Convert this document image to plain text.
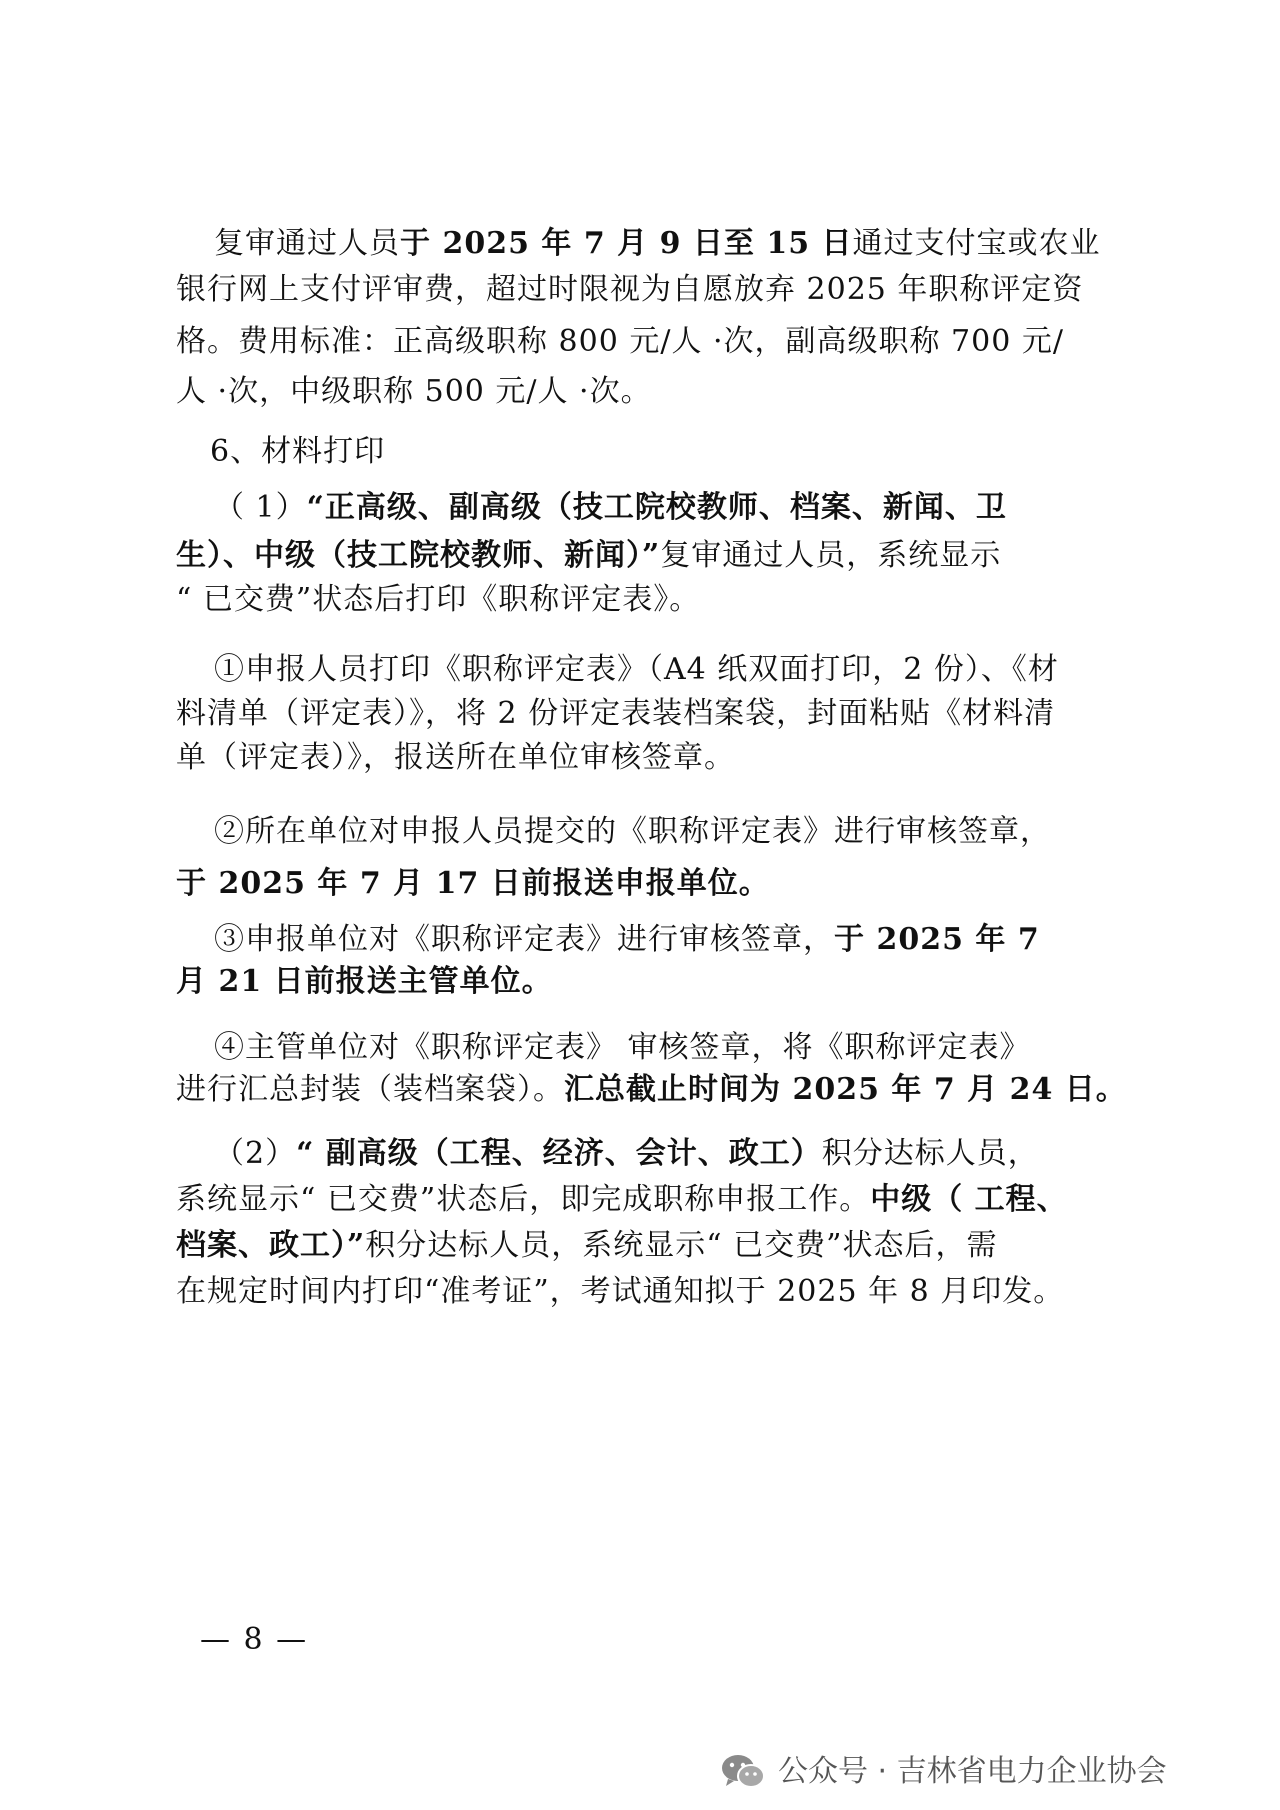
复审通过人员于 2025 年 7 月 9 日至 15 日通过支付宝或农业
银行网上支付评审费，超过时限视为自愿放弃 2025 年职称评定资
格。费用标准：正高级职称 800 元/人 ·次，副高级职称 700 元/
人 ·次，中级职称 500 元/人 ·次。
6、材料打印
（ 1）“正高级、副高级（技工院校教师、档案、新闻、卫
生）、中级（技工院校教师、新闻）”复审通过人员，系统显示
“ 已交费”状态后打印《职称评定表》。
①申报人员打印《职称评定表》（A4 纸双面打印，2 份）、《材
料清单（评定表）》，将 2 份评定表装档案袋，封面粘贴《材料清
单（评定表）》，报送所在单位审核签章。
②所在单位对申报人员提交的《职称评定表》进行审核签章，
于 2025 年 7 月 17 日前报送申报单位。
③申报单位对《职称评定表》进行审核签章，于 2025 年 7
月 21 日前报送主管单位。
④主管单位对《职称评定表》 审核签章，将《职称评定表》
进行汇总封装（装档案袋）。汇总截止时间为 2025 年 7 月 24 日。
（2）“ 副高级（工程、经济、会计、政工）积分达标人员，
系统显示“ 已交费”状态后，即完成职称申报工作。中级（ 工程、
档案、政工）”积分达标人员，系统显示“ 已交费”状态后，需
在规定时间内打印“准考证”，考试通知拟于 2025 年 8 月印发。
— 8 —
公众号 · 吉林省电力企业协会
